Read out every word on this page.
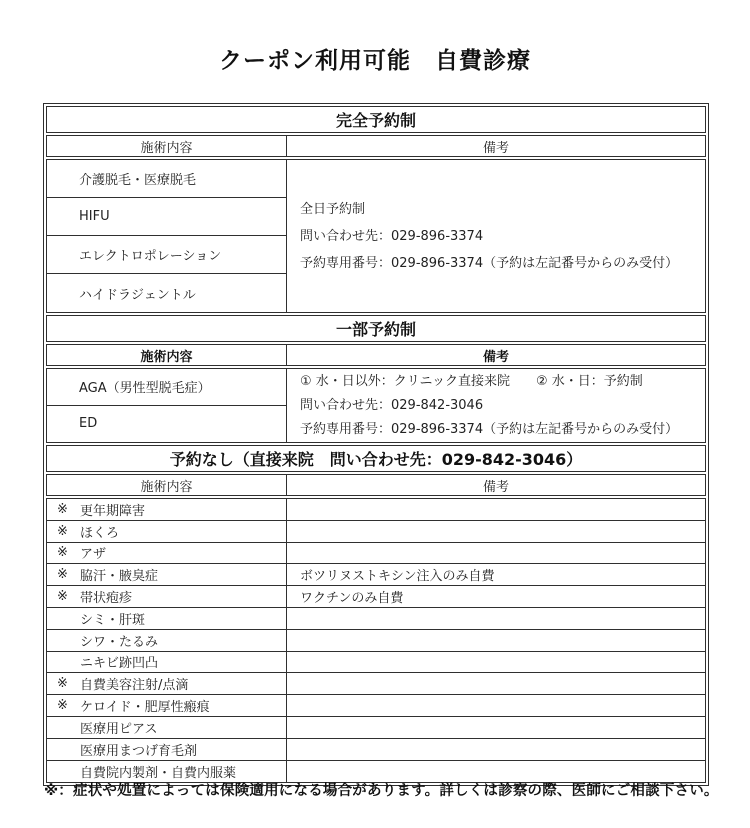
クーポン利用可能　自費診療
完全予約制
施術内容	備考
介護脱毛・医療脱毛
HIFU
エレクトロポレーション
ハイドラジェントル
全日予約制
問い合わせ先：029-896-3374
予約専用番号：029-896-3374（予約は左記番号からのみ受付）
一部予約制
施術内容	備考
AGA（男性型脱毛症）
ED
① 水・日以外：クリニック直接来院　　② 水・日：予約制
問い合わせ先：029-842-3046
予約専用番号：029-896-3374（予約は左記番号からのみ受付）
予約なし（直接来院　問い合わせ先：029-842-3046）
施術内容	備考
※ 更年期障害
※ ほくろ
※ アザ
※ 脇汗・腋臭症	ボツリヌストキシン注入のみ自費
※ 帯状疱疹	ワクチンのみ自費
シミ・肝斑
シワ・たるみ
ニキビ跡凹凸
※ 自費美容注射/点滴
※ ケロイド・肥厚性瘢痕
医療用ピアス
医療用まつげ育毛剤
自費院内製剤・自費内服薬
※：症状や処置によっては保険適用になる場合があります。詳しくは診察の際、医師にご相談下さい。
